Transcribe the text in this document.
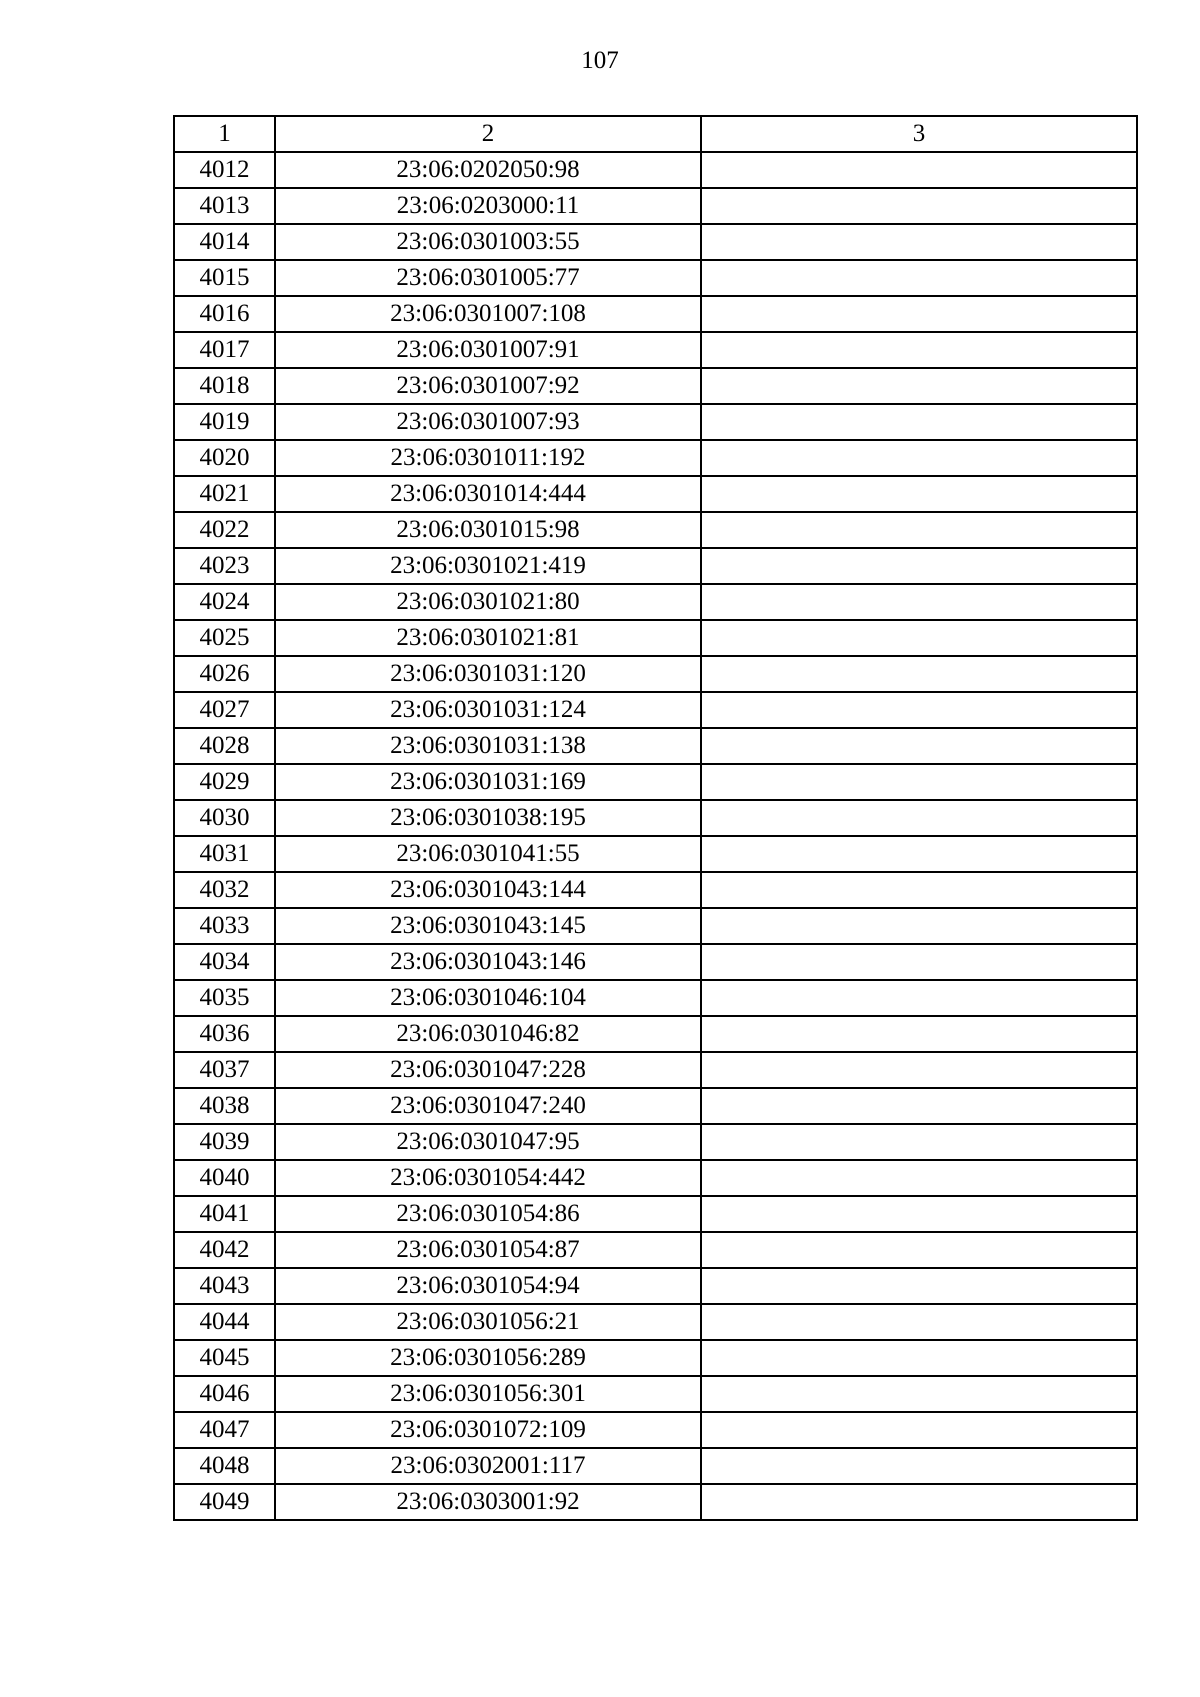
107
1	2	3
4012	23:06:0202050:98	
4013	23:06:0203000:11	
4014	23:06:0301003:55	
4015	23:06:0301005:77	
4016	23:06:0301007:108	
4017	23:06:0301007:91	
4018	23:06:0301007:92	
4019	23:06:0301007:93	
4020	23:06:0301011:192	
4021	23:06:0301014:444	
4022	23:06:0301015:98	
4023	23:06:0301021:419	
4024	23:06:0301021:80	
4025	23:06:0301021:81	
4026	23:06:0301031:120	
4027	23:06:0301031:124	
4028	23:06:0301031:138	
4029	23:06:0301031:169	
4030	23:06:0301038:195	
4031	23:06:0301041:55	
4032	23:06:0301043:144	
4033	23:06:0301043:145	
4034	23:06:0301043:146	
4035	23:06:0301046:104	
4036	23:06:0301046:82	
4037	23:06:0301047:228	
4038	23:06:0301047:240	
4039	23:06:0301047:95	
4040	23:06:0301054:442	
4041	23:06:0301054:86	
4042	23:06:0301054:87	
4043	23:06:0301054:94	
4044	23:06:0301056:21	
4045	23:06:0301056:289	
4046	23:06:0301056:301	
4047	23:06:0301072:109	
4048	23:06:0302001:117	
4049	23:06:0303001:92	
